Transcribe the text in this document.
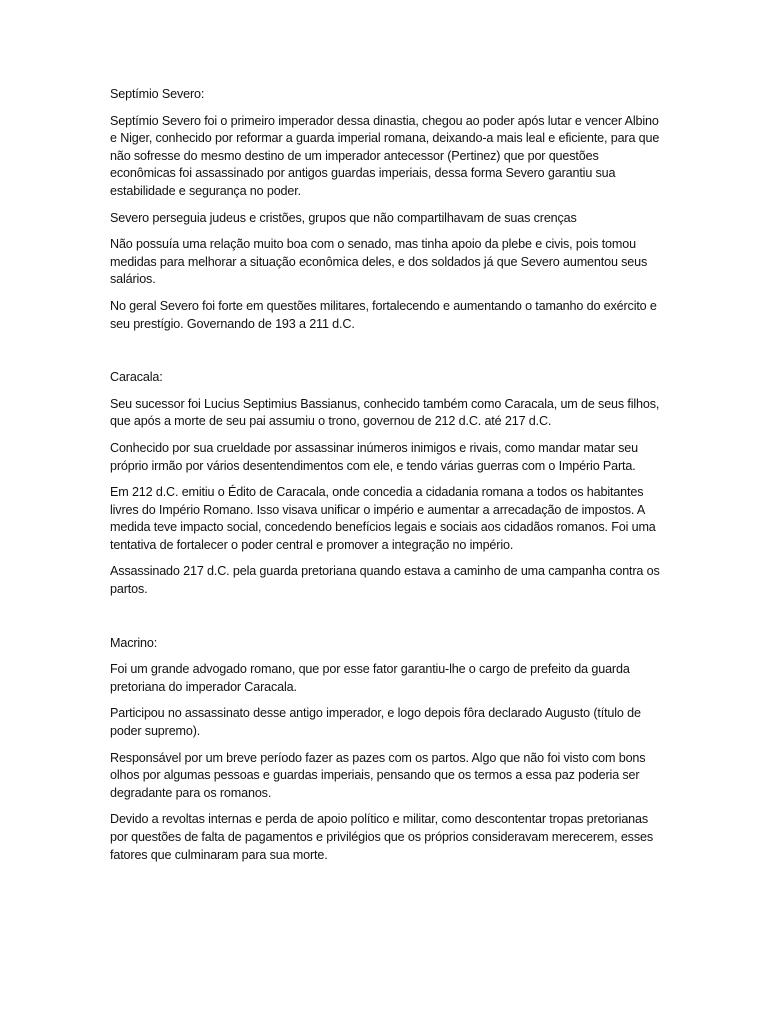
Septímio Severo:

Septímio Severo foi o primeiro imperador dessa dinastia, chegou ao poder após lutar e vencer Albino e Niger, conhecido por reformar a guarda imperial romana, deixando-a mais leal e eficiente, para que não sofresse do mesmo destino de um imperador antecessor (Pertinez) que por questões econômicas foi assassinado por antigos guardas imperiais, dessa forma Severo garantiu sua estabilidade e segurança no poder.

Severo perseguia judeus e cristões, grupos que não compartilhavam de suas crenças

Não possuía uma relação muito boa com o senado, mas tinha apoio da plebe e civis, pois tomou medidas para melhorar a situação econômica deles, e dos soldados já que Severo aumentou seus salários.

No geral Severo foi forte em questões militares, fortalecendo e aumentando o tamanho do exército e seu prestígio. Governando de 193 a 211 d.C.

Caracala:

Seu sucessor foi Lucius Septimius Bassianus, conhecido também como Caracala, um de seus filhos, que após a morte de seu pai assumiu o trono, governou de 212 d.C. até 217 d.C.

Conhecido por sua crueldade por assassinar inúmeros inimigos e rivais, como mandar matar seu próprio irmão por vários desentendimentos com ele, e tendo várias guerras com o Império Parta.

Em 212 d.C. emitiu o Édito de Caracala, onde concedia a cidadania romana a todos os habitantes livres do Império Romano. Isso visava unificar o império e aumentar a arrecadação de impostos. A medida teve impacto social, concedendo benefícios legais e sociais aos cidadãos romanos. Foi uma tentativa de fortalecer o poder central e promover a integração no império.

Assassinado 217 d.C. pela guarda pretoriana quando estava a caminho de uma campanha contra os partos.

Macrino:

Foi um grande advogado romano, que por esse fator garantiu-lhe o cargo de prefeito da guarda pretoriana do imperador Caracala.

Participou no assassinato desse antigo imperador, e logo depois fôra declarado Augusto (título de poder supremo).

Responsável por um breve período fazer as pazes com os partos. Algo que não foi visto com bons olhos por algumas pessoas e guardas imperiais, pensando que os termos a essa paz poderia ser degradante para os romanos.

Devido a revoltas internas e perda de apoio político e militar, como descontentar tropas pretorianas por questões de falta de pagamentos e privilégios que os próprios consideravam merecerem, esses fatores que culminaram para sua morte.
